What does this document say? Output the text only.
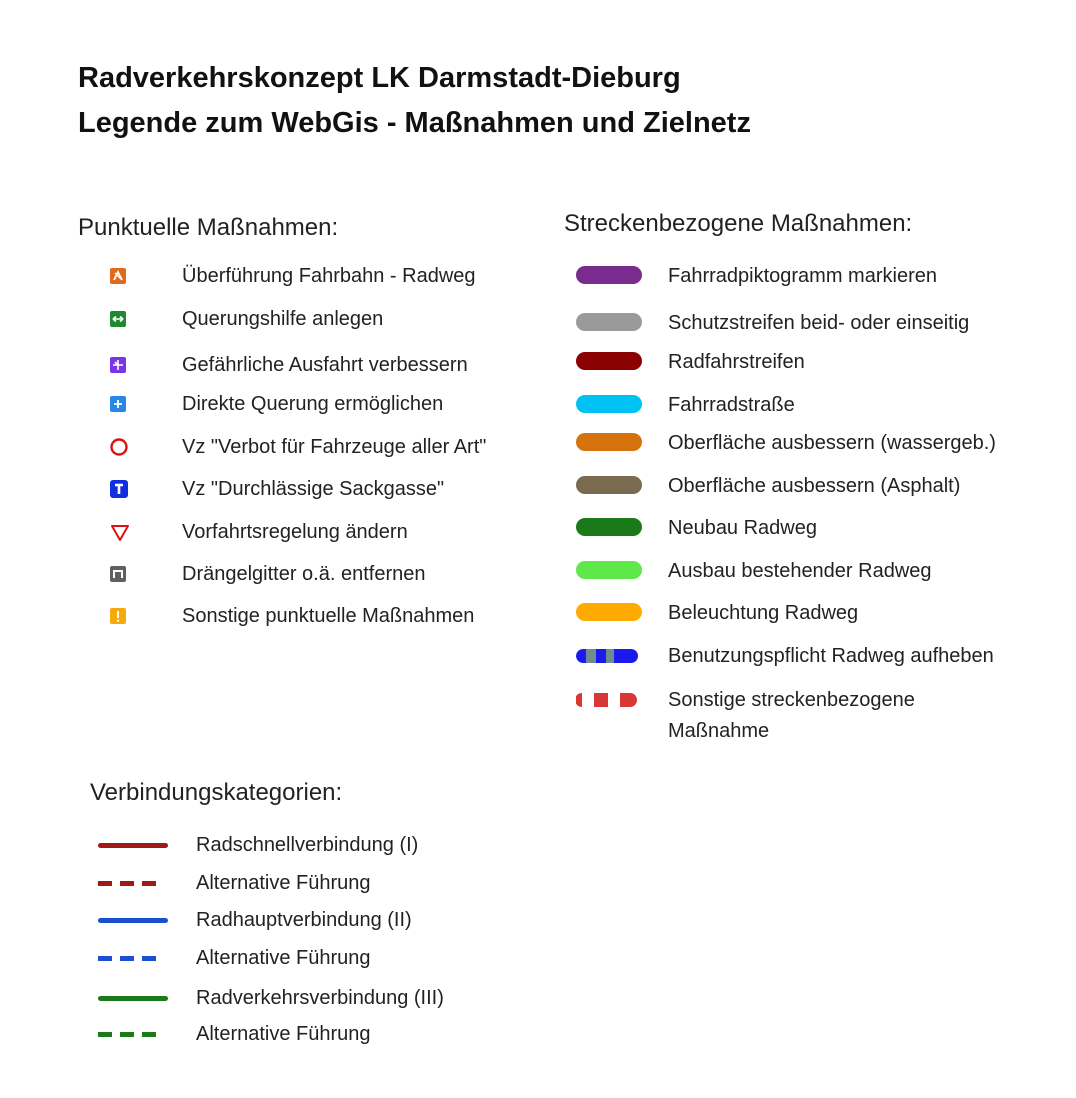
Radverkehrskonzept LK Darmstadt-Dieburg
Legende zum WebGis - Maßnahmen und Zielnetz
Punktuelle Maßnahmen:
Überführung Fahrbahn - Radweg
Querungshilfe anlegen
Gefährliche Ausfahrt verbessern
Direkte Querung ermöglichen
Vz "Verbot für Fahrzeuge aller Art"
Vz "Durchlässige Sackgasse"
Vorfahrtsregelung ändern
Drängelgitter o.ä. entfernen
Sonstige punktuelle Maßnahmen
Streckenbezogene Maßnahmen:
Fahrradpiktogramm markieren
Schutzstreifen beid- oder einseitig
Radfahrstreifen
Fahrradstraße
Oberfläche ausbessern (wassergeb.)
Oberfläche ausbessern (Asphalt)
Neubau Radweg
Ausbau bestehender Radweg
Beleuchtung Radweg
Benutzungspflicht Radweg aufheben
Sonstige streckenbezogene Maßnahme
Verbindungskategorien:
Radschnellverbindung (I)
Alternative Führung
Radhauptverbindung (II)
Alternative Führung
Radverkehrsverbindung (III)
Alternative Führung
